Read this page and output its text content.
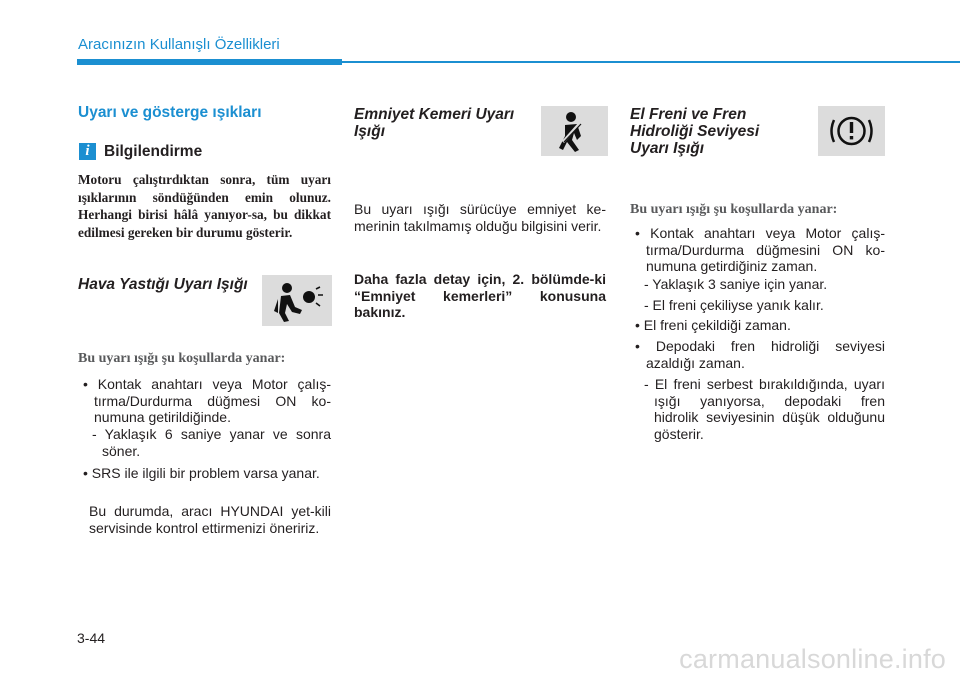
Aracınızın Kullanışlı Özellikleri
Uyarı ve gösterge ışıkları
i Bilgilendirme
Motoru çalıştırdıktan sonra, tüm uyarı ışıklarının söndüğünden emin olunuz. Herhangi birisi hâlâ yanıyor-sa, bu dikkat edilmesi gereken bir durumu gösterir.
Hava Yastığı Uyarı Işığı
Bu uyarı ışığı şu koşullarda yanar:
• Kontak anahtarı veya Motor çalış-tırma/Durdurma düğmesi ON ko-numuna getirildiğinde.
- Yaklaşık 6 saniye yanar ve sonra söner.
• SRS ile ilgili bir problem varsa yanar.
Bu durumda, aracı HYUNDAI yet-kili servisinde kontrol ettirmenizi öneririz.
Emniyet Kemeri Uyarı Işığı
Bu uyarı ışığı sürücüye emniyet ke-merinin takılmamış olduğu bilgisini verir.
Daha fazla detay için, 2. bölümde-ki “Emniyet kemerleri” konusuna bakınız.
El Freni ve Fren Hidroliği Seviyesi Uyarı Işığı
Bu uyarı ışığı şu koşullarda yanar:
• Kontak anahtarı veya Motor çalış-tırma/Durdurma düğmesini ON ko-numuna getirdiğiniz zaman.
- Yaklaşık 3 saniye için yanar.
- El freni çekiliyse yanık kalır.
• El freni çekildiği zaman.
• Depodaki fren hidroliği seviyesi azaldığı zaman.
- El freni serbest bırakıldığında, uyarı ışığı yanıyorsa, depodaki fren hidrolik seviyesinin düşük olduğunu gösterir.
3-44
carmanualsonline.info
